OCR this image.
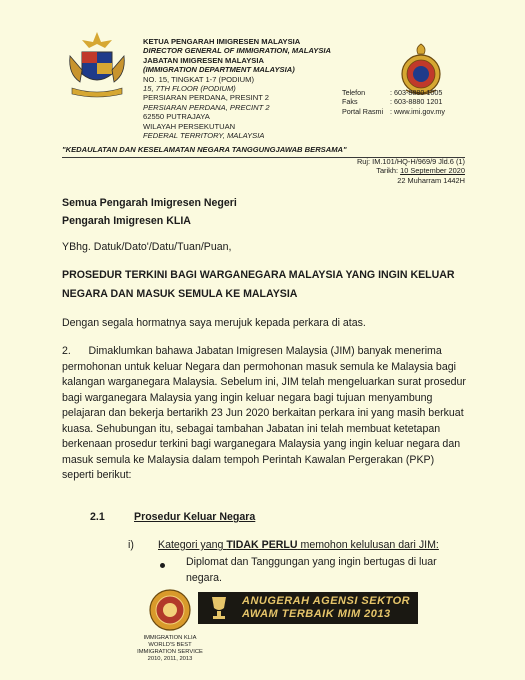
KETUA PENGARAH IMIGRESEN MALAYSIA
DIRECTOR GENERAL OF IMMIGRATION, MALAYSIA
JABATAN IMIGRESEN MALAYSIA
(IMMIGRATION DEPARTMENT MALAYSIA)
NO. 15, TINGKAT 1-7 (PODIUM)
15, 7TH FLOOR (PODIUM)
PERSIARAN PERDANA, PRESINT 2
PERSIARAN PERDANA, PRECINT 2
62550 PUTRAJAYA
WILAYAH PERSEKUTUAN
FEDERAL TERRITORY, MALAYSIA
Telefon	: 603-8880 1005
Faks	: 603-8880 1201
Portal Rasmi : www.imi.gov.my
"KEDAULATAN DAN KESELAMATAN NEGARA TANGGUNGJAWAB BERSAMA"
Ruj: IM.101/HQ-H/969/9 Jld.6 (1)
Tarikh: 10 September 2020
22 Muharram 1442H
Semua Pengarah Imigresen Negeri
Pengarah Imigresen KLIA
YBhg. Datuk/Dato'/Datu/Tuan/Puan,
PROSEDUR TERKINI BAGI WARGANEGARA MALAYSIA YANG INGIN KELUAR
NEGARA DAN MASUK SEMULA KE MALAYSIA
Dengan segala hormatnya saya merujuk kepada perkara di atas.
2.      Dimaklumkan bahawa Jabatan Imigresen Malaysia (JIM) banyak menerima
permohonan untuk keluar Negara dan permohonan masuk semula ke Malaysia bagi
kalangan warganegara Malaysia. Sebelum ini, JIM telah mengeluarkan surat prosedur
bagi warganegara Malaysia yang ingin keluar negara bagi tujuan menyambung
pelajaran dan bekerja bertarikh 23 Jun 2020 berkaitan perkara ini yang masih berkuat
kuasa. Sehubungan itu, sebagai tambahan Jabatan ini telah membuat ketetapan
berkenaan prosedur terkini bagi warganegara Malaysia yang ingin keluar negara dan
masuk semula ke Malaysia dalam tempoh Perintah Kawalan Pergerakan (PKP)
seperti berikut:
2.1	Prosedur Keluar Negara
i) Kategori yang TIDAK PERLU memohon kelulusan dari JIM:
Diplomat dan Tanggungan yang ingin bertugas di luar
negara.
IMMIGRATION KLIA
WORLD'S BEST
IMMIGRATION SERVICE
2010, 2011, 2013
ANUGERAH AGENSI SEKTOR
AWAM TERBAIK MIM 2013
